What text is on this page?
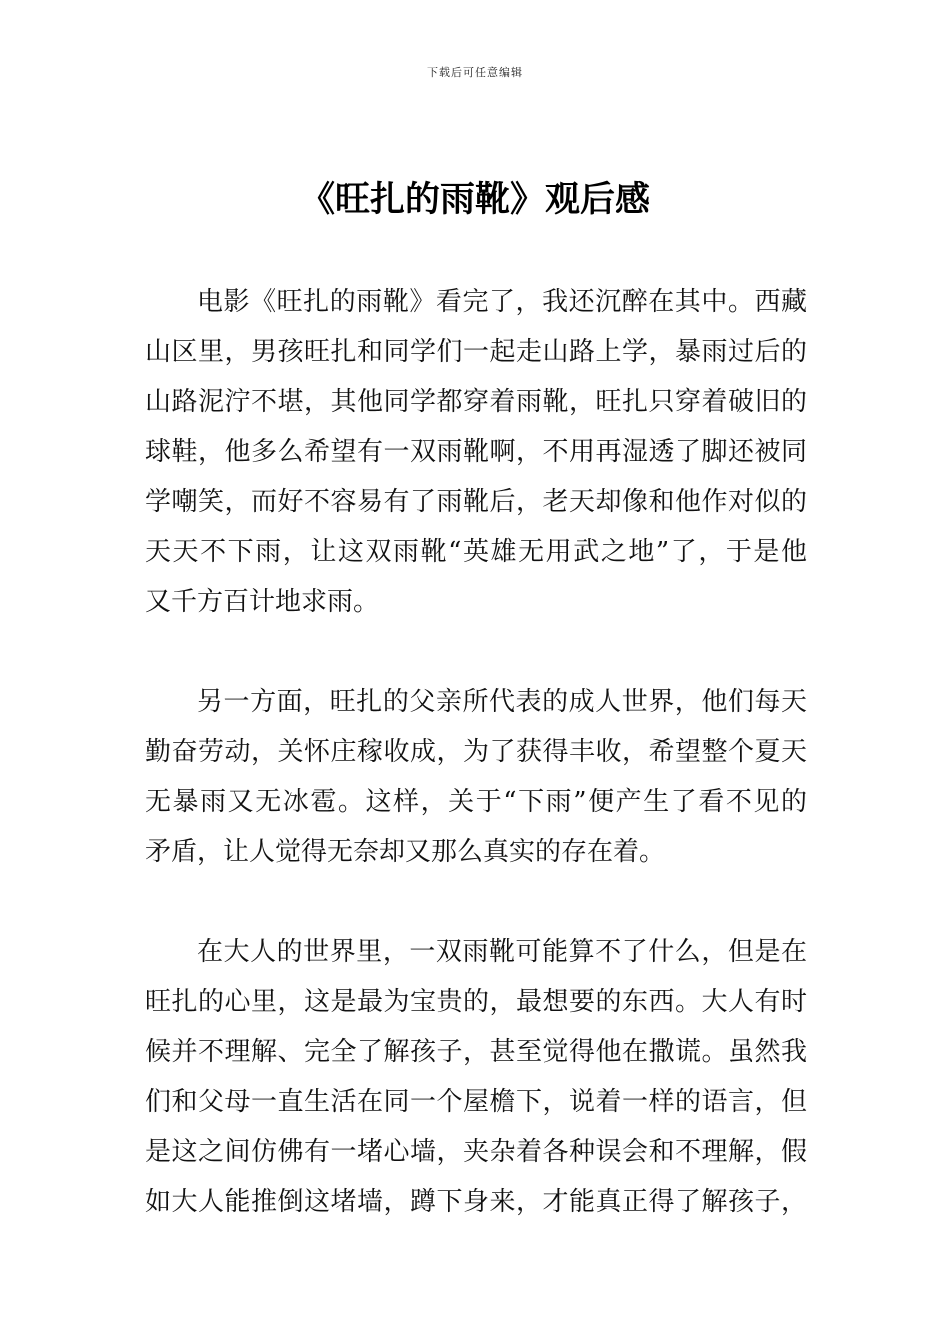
下载后可任意编辑
《旺扎的雨靴》观后感
电影《旺扎的雨靴》看完了，我还沉醉在其中。西藏
山区里，男孩旺扎和同学们一起走山路上学，暴雨过后的
山路泥泞不堪，其他同学都穿着雨靴，旺扎只穿着破旧的
球鞋，他多么希望有一双雨靴啊，不用再湿透了脚还被同
学嘲笑，而好不容易有了雨靴后，老天却像和他作对似的
天天不下雨，让这双雨靴“英雄无用武之地”了，于是他
又千方百计地求雨。
另一方面，旺扎的父亲所代表的成人世界，他们每天
勤奋劳动，关怀庄稼收成，为了获得丰收，希望整个夏天
无暴雨又无冰雹。这样，关于“下雨”便产生了看不见的
矛盾，让人觉得无奈却又那么真实的存在着。
在大人的世界里，一双雨靴可能算不了什么，但是在
旺扎的心里，这是最为宝贵的，最想要的东西。大人有时
候并不理解、完全了解孩子，甚至觉得他在撒谎。虽然我
们和父母一直生活在同一个屋檐下，说着一样的语言，但
是这之间仿佛有一堵心墙，夹杂着各种误会和不理解，假
如大人能推倒这堵墙，蹲下身来，才能真正得了解孩子，
